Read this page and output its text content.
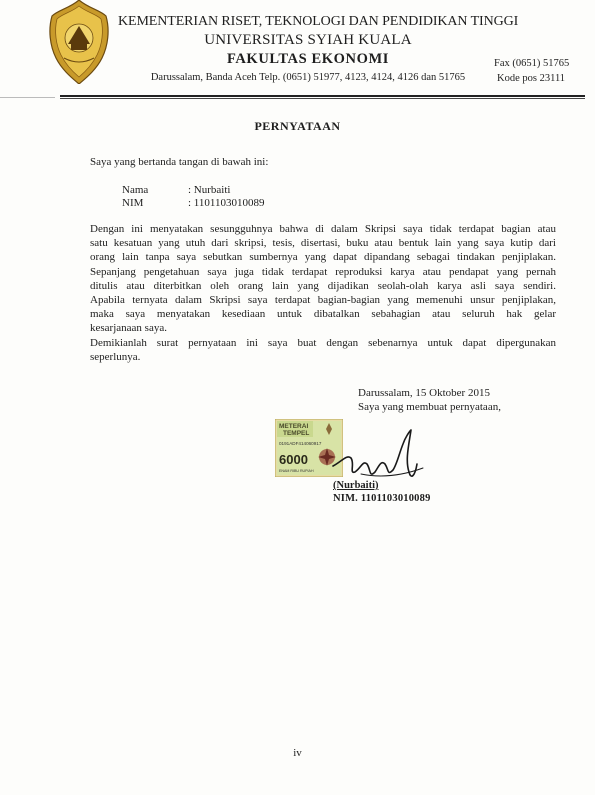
KEMENTERIAN RISET, TEKNOLOGI DAN PENDIDIKAN TINGGI
UNIVERSITAS SYIAH KUALA
FAKULTAS EKONOMI
Darussalam, Banda Aceh Telp. (0651) 51977, 4123, 4124, 4126 dan 51765
Fax (0651) 51765
Kode pos 23111
PERNYATAAN
Saya yang bertanda tangan di bawah ini:
Nama	: Nurbaiti
NIM	: 1101103010089
Dengan ini menyatakan sesungguhnya bahwa di dalam Skripsi saya tidak terdapat bagian atau
satu kesatuan yang utuh dari skripsi, tesis, disertasi, buku atau bentuk lain yang saya kutip dari
orang lain tanpa saya sebutkan sumbernya yang dapat dipandang sebagai tindakan penjiplakan.
Sepanjang pengetahuan saya juga tidak terdapat reproduksi karya atau pendapat yang pernah
ditulis atau diterbitkan oleh orang lain yang dijadikan seolah-olah karya asli saya sendiri.
Apabila ternyata dalam Skripsi saya terdapat bagian-bagian yang memenuhi unsur penjiplakan,
maka saya menyatakan kesediaan untuk dibatalkan sebahagian atau seluruh hak gelar
kesarjanaan saya.
Demikianlah surat pernyataan ini saya buat dengan sebenarnya untuk dapat dipergunakan
seperlunya.
Darussalam, 15 Oktober 2015
Saya yang membuat pernyataan,
METERAI
TEMPEL
0191ADF414060917
6000
ENAM RIBU RUPIAH
(Nurbaiti)
NIM. 1101103010089
iv
